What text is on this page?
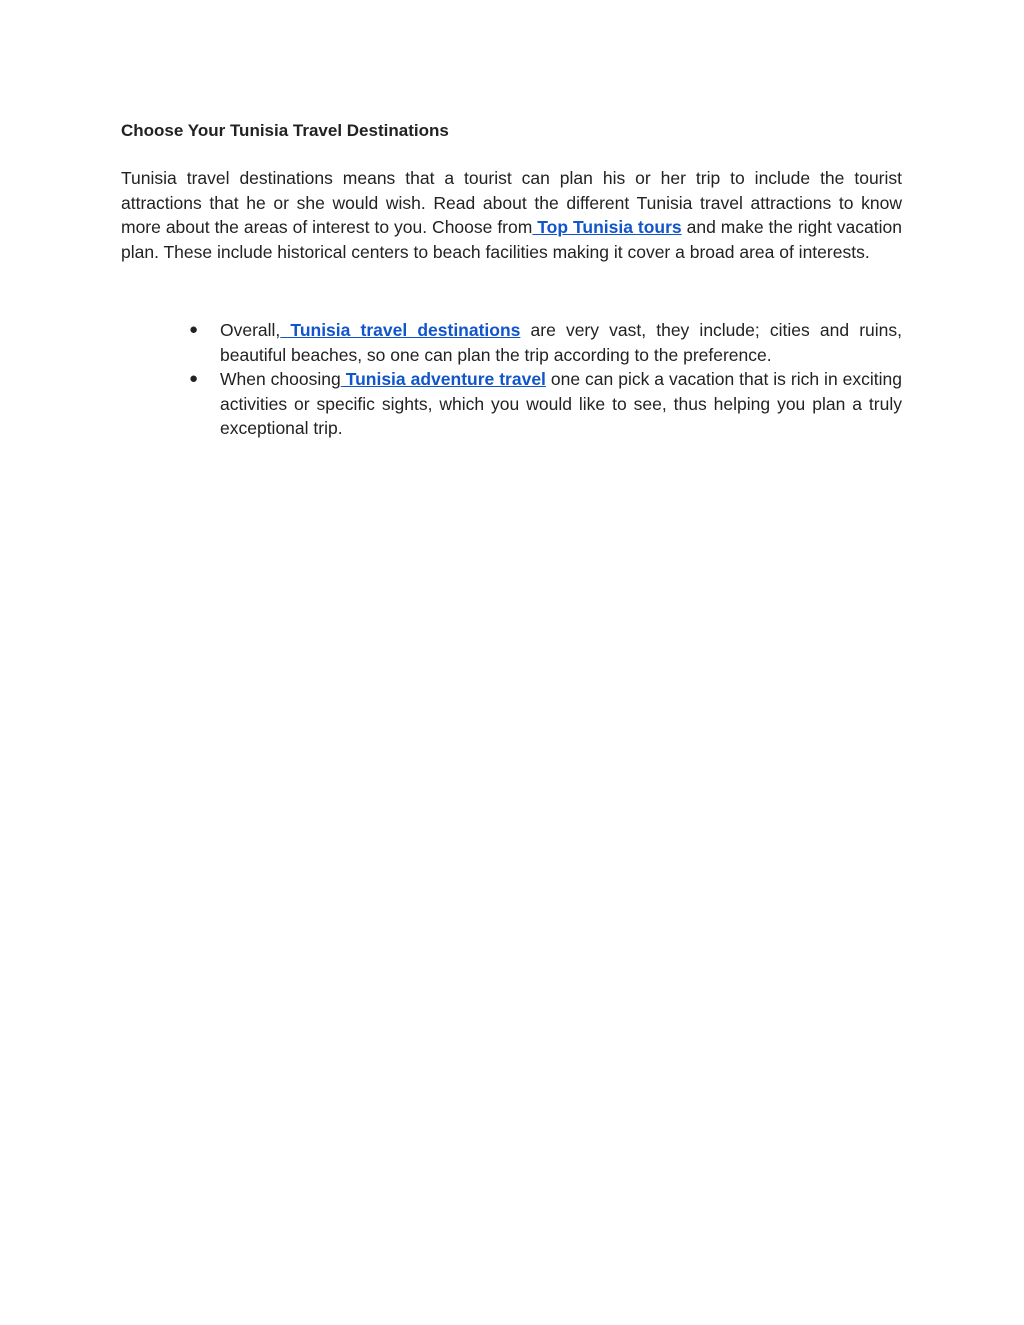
Choose Your Tunisia Travel Destinations

Tunisia travel destinations means that a tourist can plan his or her trip to include the tourist attractions that he or she would wish. Read about the different Tunisia travel attractions to know more about the areas of interest to you. Choose from Top Tunisia tours and make the right vacation plan. These include historical centers to beach facilities making it cover a broad area of interests.

● Overall, Tunisia travel destinations are very vast, they include; cities and ruins, beautiful beaches, so one can plan the trip according to the preference.
● When choosing Tunisia adventure travel one can pick a vacation that is rich in exciting activities or specific sights, which you would like to see, thus helping you plan a truly exceptional trip.
